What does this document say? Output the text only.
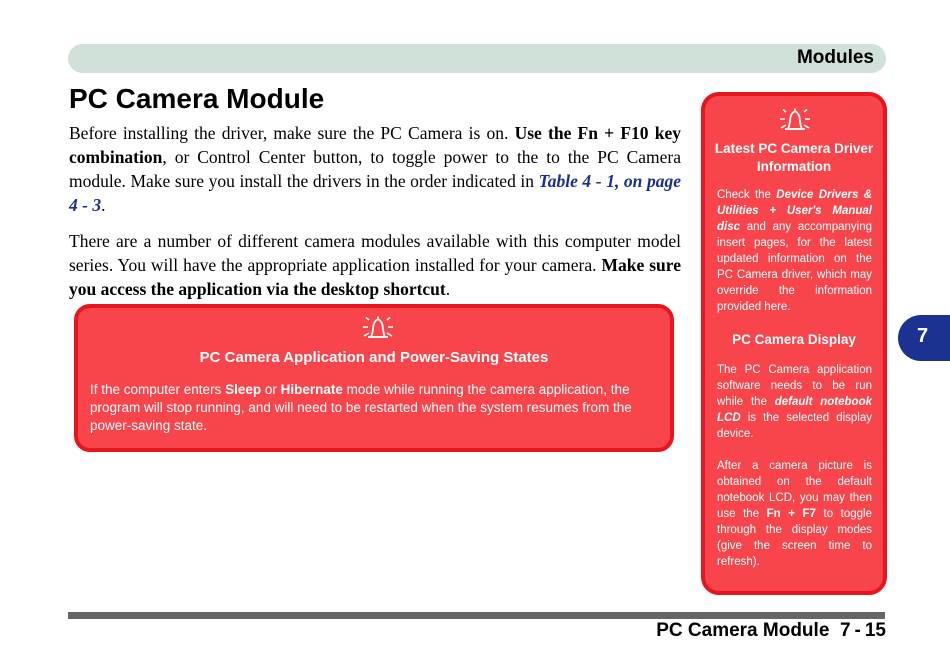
Modules
PC Camera Module
Before installing the driver, make sure the PC Camera is on. Use the Fn + F10 key combination, or Control Center button, to toggle power to the to the PC Camera module. Make sure you install the drivers in the order indicated in Table 4 - 1, on page 4 - 3.
There are a number of different camera modules available with this computer model series. You will have the appropriate application installed for your camera. Make sure you access the application via the desktop shortcut.
PC Camera Application and Power-Saving States
If the computer enters Sleep or Hibernate mode while running the camera application, the program will stop running, and will need to be restarted when the system resumes from the power-saving state.
Latest PC Camera Driver Information
Check the Device Drivers & Utilities + User's Manual disc and any accompanying insert pages, for the latest updated information on the PC Camera driver, which may override the information provided here.
PC Camera Display
The PC Camera application software needs to be run while the default notebook LCD is the selected display device.
After a camera picture is obtained on the default notebook LCD, you may then use the Fn + F7 to toggle through the display modes (give the screen time to refresh).
7
PC Camera Module 7 - 15
